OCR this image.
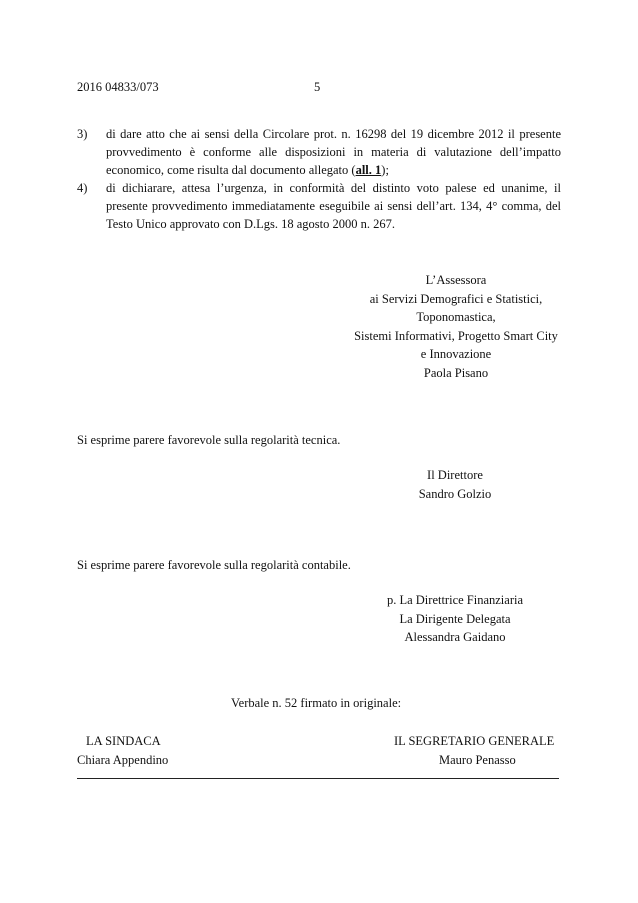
2016 04833/073	5
3) di dare atto che ai sensi della Circolare prot. n. 16298 del 19 dicembre 2012 il presente
provvedimento è conforme alle disposizioni in materia di valutazione dell’impatto
economico, come risulta dal documento allegato (all. 1);
4) di dichiarare, attesa l’urgenza, in conformità del distinto voto palese ed unanime, il
presente provvedimento immediatamente eseguibile ai sensi dell’art. 134, 4° comma, del
Testo Unico approvato con D.Lgs. 18 agosto 2000 n. 267.
L’Assessora
ai Servizi Demografici e Statistici,
Toponomastica,
Sistemi Informativi, Progetto Smart City
e Innovazione
Paola Pisano
Si esprime parere favorevole sulla regolarità tecnica.
Il Direttore
Sandro Golzio
Si esprime parere favorevole sulla regolarità contabile.
p. La Direttrice Finanziaria
La Dirigente Delegata
Alessandra Gaidano
Verbale n. 52 firmato in originale:
LA SINDACA
Chiara Appendino
IL SEGRETARIO GENERALE
Mauro Penasso
